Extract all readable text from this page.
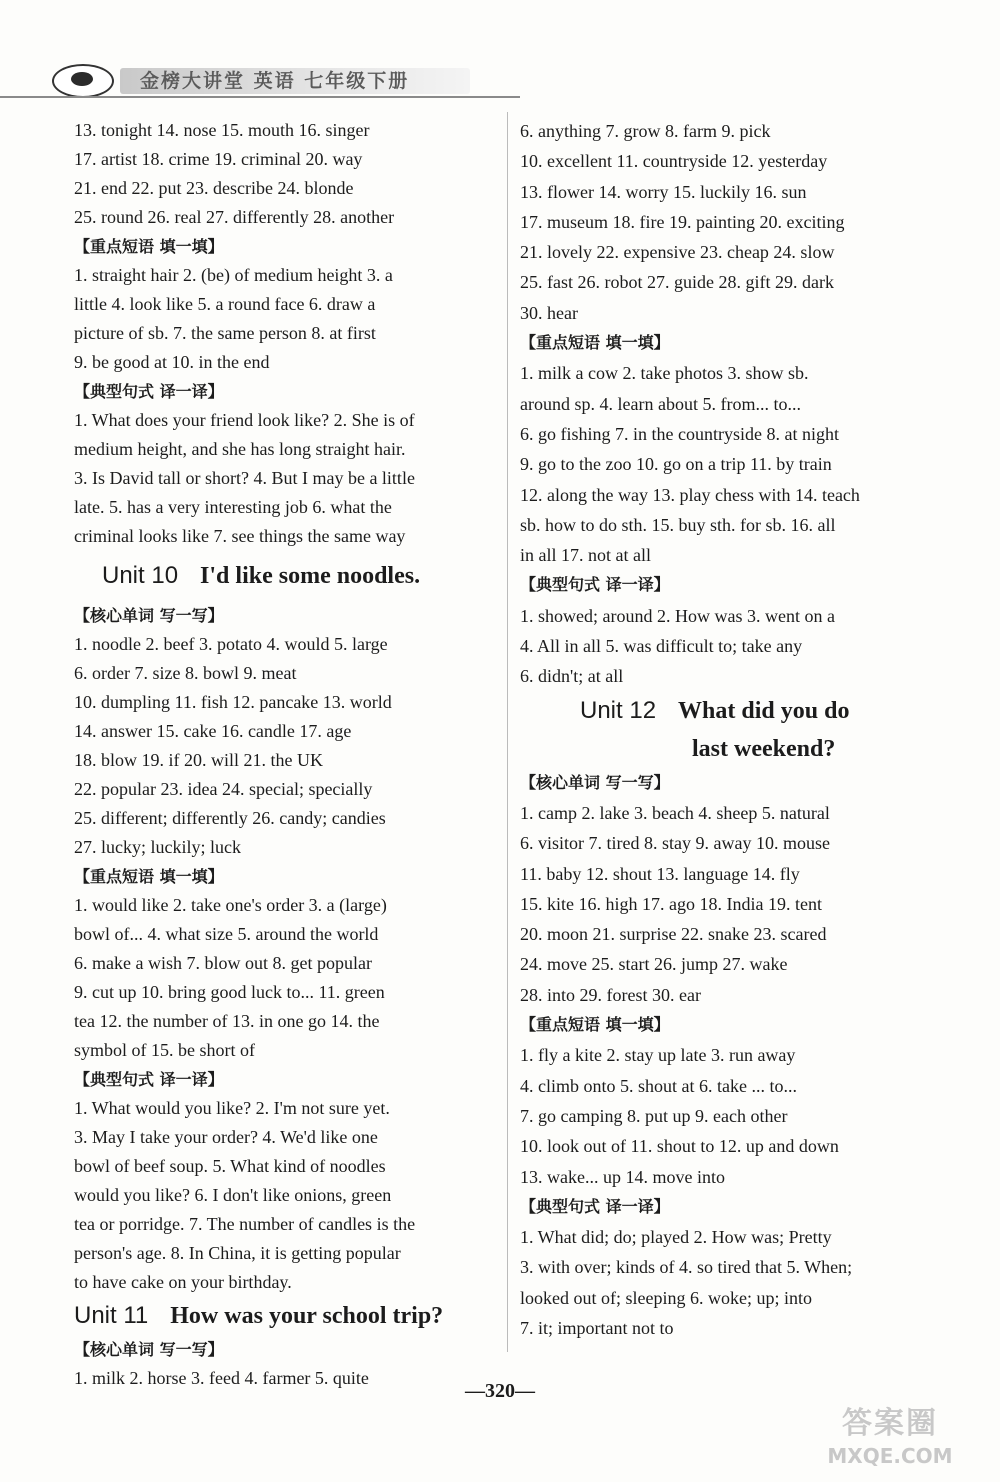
金榜大讲堂 英语 七年级下册
13. tonight 14. nose 15. mouth 16. singer
17. artist 18. crime 19. criminal 20. way
21. end 22. put 23. describe 24. blonde
25. round 26. real 27. differently 28. another
【重点短语 填一填】
1. straight hair 2. (be) of medium height 3. a
little 4. look like 5. a round face 6. draw a
picture of sb. 7. the same person 8. at first
9. be good at 10. in the end
【典型句式 译一译】
1. What does your friend look like? 2. She is of
medium height, and she has long straight hair.
3. Is David tall or short? 4. But I may be a little
late. 5. has a very interesting job 6. what the
criminal looks like 7. see things the same way
Unit 10 I'd like some noodles.
【核心单词 写一写】
1. noodle 2. beef 3. potato 4. would 5. large
6. order 7. size 8. bowl 9. meat
10. dumpling 11. fish 12. pancake 13. world
14. answer 15. cake 16. candle 17. age
18. blow 19. if 20. will 21. the UK
22. popular 23. idea 24. special; specially
25. different; differently 26. candy; candies
27. lucky; luckily; luck
【重点短语 填一填】
1. would like 2. take one's order 3. a (large)
bowl of... 4. what size 5. around the world
6. make a wish 7. blow out 8. get popular
9. cut up 10. bring good luck to... 11. green
tea 12. the number of 13. in one go 14. the
symbol of 15. be short of
【典型句式 译一译】
1. What would you like? 2. I'm not sure yet.
3. May I take your order? 4. We'd like one
bowl of beef soup. 5. What kind of noodles
would you like? 6. I don't like onions, green
tea or porridge. 7. The number of candles is the
person's age. 8. In China, it is getting popular
to have cake on your birthday.
Unit 11 How was your school trip?
【核心单词 写一写】
1. milk 2. horse 3. feed 4. farmer 5. quite
6. anything 7. grow 8. farm 9. pick
10. excellent 11. countryside 12. yesterday
13. flower 14. worry 15. luckily 16. sun
17. museum 18. fire 19. painting 20. exciting
21. lovely 22. expensive 23. cheap 24. slow
25. fast 26. robot 27. guide 28. gift 29. dark
30. hear
【重点短语 填一填】
1. milk a cow 2. take photos 3. show sb.
around sp. 4. learn about 5. from... to...
6. go fishing 7. in the countryside 8. at night
9. go to the zoo 10. go on a trip 11. by train
12. along the way 13. play chess with 14. teach
sb. how to do sth. 15. buy sth. for sb. 16. all
in all 17. not at all
【典型句式 译一译】
1. showed; around 2. How was 3. went on a
4. All in all 5. was difficult to; take any
6. didn't; at all
Unit 12 What did you do
last weekend?
【核心单词 写一写】
1. camp 2. lake 3. beach 4. sheep 5. natural
6. visitor 7. tired 8. stay 9. away 10. mouse
11. baby 12. shout 13. language 14. fly
15. kite 16. high 17. ago 18. India 19. tent
20. moon 21. surprise 22. snake 23. scared
24. move 25. start 26. jump 27. wake
28. into 29. forest 30. ear
【重点短语 填一填】
1. fly a kite 2. stay up late 3. run away
4. climb onto 5. shout at 6. take ... to...
7. go camping 8. put up 9. each other
10. look out of 11. shout to 12. up and down
13. wake... up 14. move into
【典型句式 译一译】
1. What did; do; played 2. How was; Pretty
3. with over; kinds of 4. so tired that 5. When;
looked out of; sleeping 6. woke; up; into
7. it; important not to
—320—
答案圈
MXQE.COM
